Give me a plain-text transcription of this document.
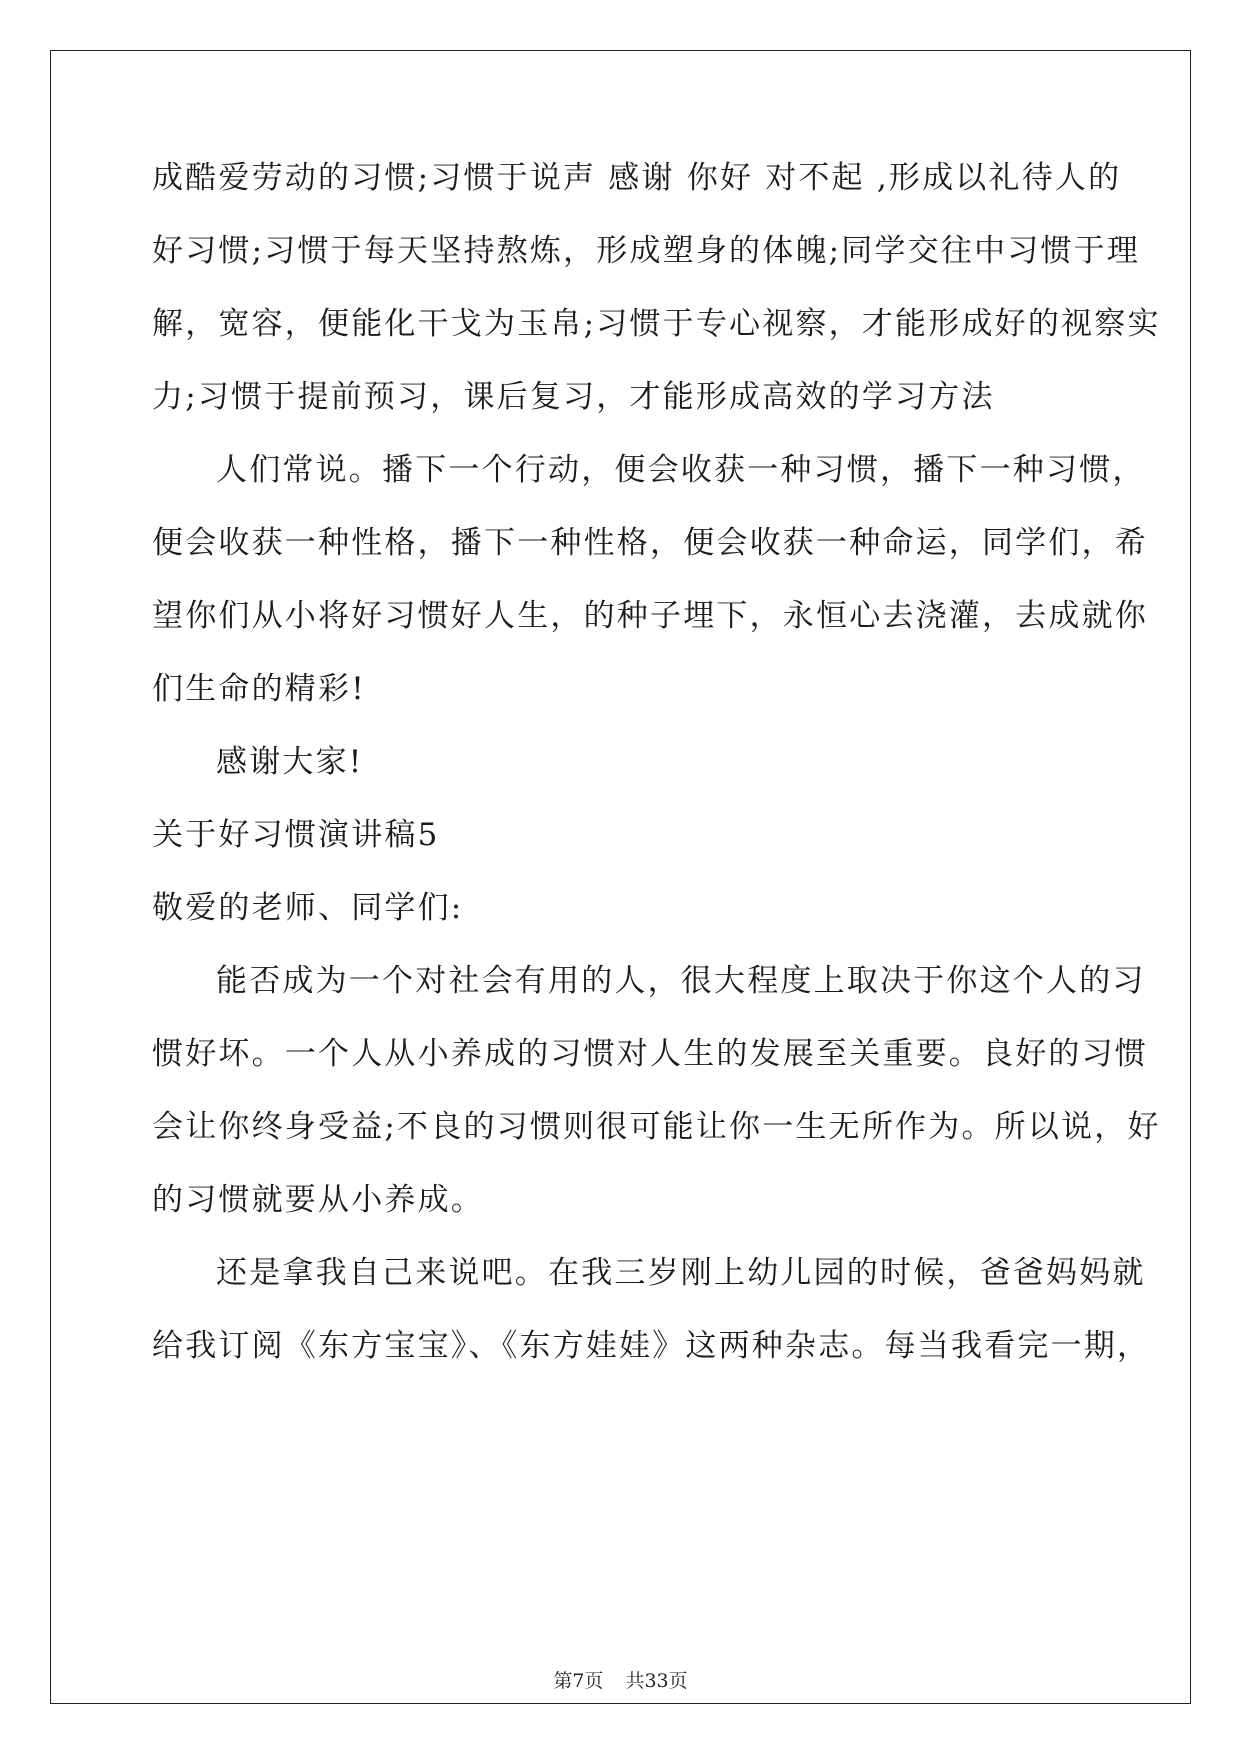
成酷爱劳动的习惯;习惯于说声 感谢 你好 对不起 ,形成以礼待人的
好习惯;习惯于每天坚持熬炼，形成塑身的体魄;同学交往中习惯于理
解，宽容，便能化干戈为玉帛;习惯于专心视察，才能形成好的视察实
力;习惯于提前预习，课后复习，才能形成高效的学习方法
人们常说。播下一个行动，便会收获一种习惯，播下一种习惯，
便会收获一种性格，播下一种性格，便会收获一种命运，同学们，希
望你们从小将好习惯好人生，的种子埋下，永恒心去浇灌，去成就你
们生命的精彩!
感谢大家!
关于好习惯演讲稿5
敬爱的老师、同学们:
能否成为一个对社会有用的人，很大程度上取决于你这个人的习
惯好坏。一个人从小养成的习惯对人生的发展至关重要。良好的习惯
会让你终身受益;不良的习惯则很可能让你一生无所作为。所以说，好
的习惯就要从小养成。
还是拿我自己来说吧。在我三岁刚上幼儿园的时候，爸爸妈妈就
给我订阅《东方宝宝》、《东方娃娃》这两种杂志。每当我看完一期，
第7页 共33页
